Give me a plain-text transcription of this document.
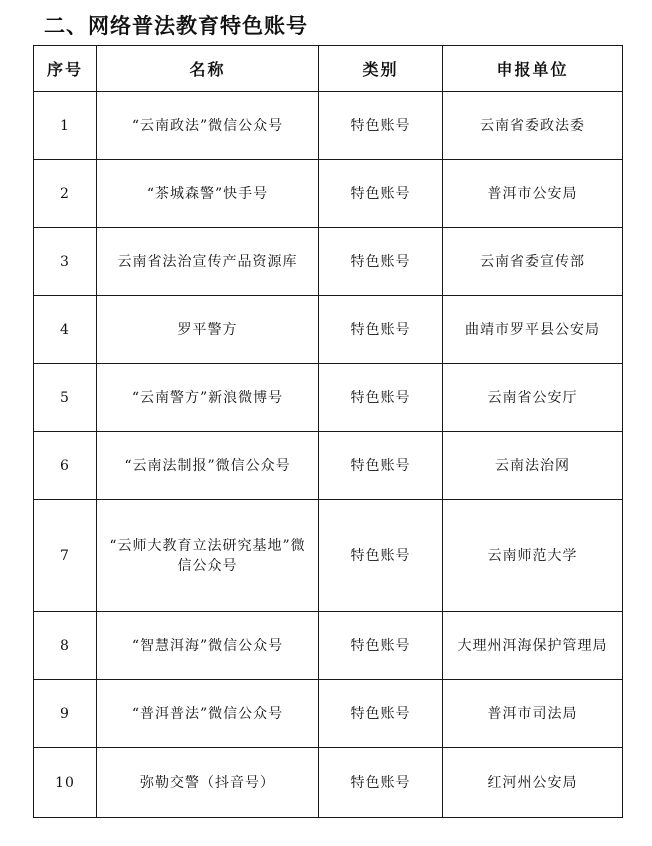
二、网络普法教育特色账号
序号	名称	类别	申报单位
1	“云南政法”微信公众号	特色账号	云南省委政法委
2	“茶城森警”快手号	特色账号	普洱市公安局
3	云南省法治宣传产品资源库	特色账号	云南省委宣传部
4	罗平警方	特色账号	曲靖市罗平县公安局
5	“云南警方”新浪微博号	特色账号	云南省公安厅
6	“云南法制报”微信公众号	特色账号	云南法治网
7	“云师大教育立法研究基地”微信公众号	特色账号	云南师范大学
8	“智慧洱海”微信公众号	特色账号	大理州洱海保护管理局
9	“普洱普法”微信公众号	特色账号	普洱市司法局
10	弥勒交警（抖音号）	特色账号	红河州公安局
